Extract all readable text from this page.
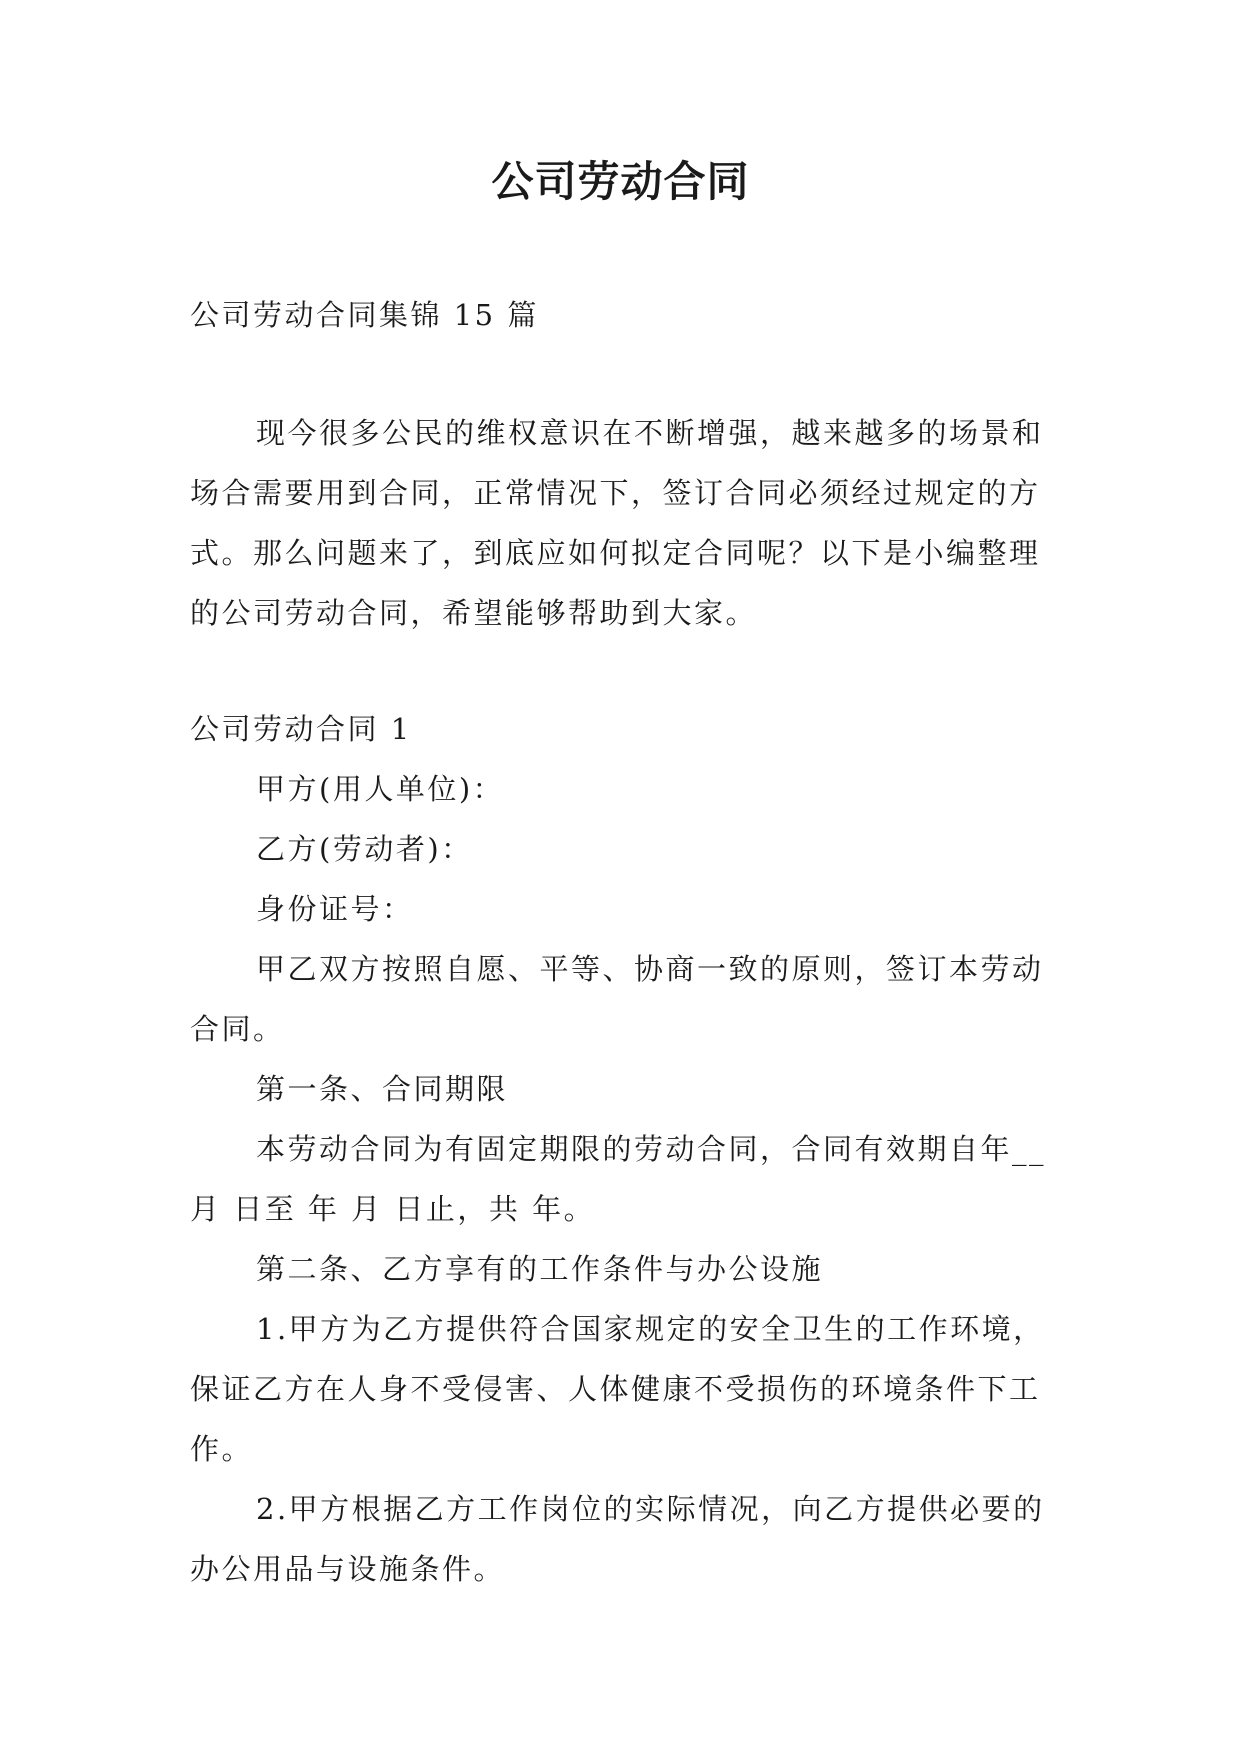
公司劳动合同

公司劳动合同集锦 15 篇

现今很多公民的维权意识在不断增强，越来越多的场景和场合需要用到合同，正常情况下，签订合同必须经过规定的方式。那么问题来了，到底应如何拟定合同呢？以下是小编整理的公司劳动合同，希望能够帮助到大家。

公司劳动合同 1

甲方(用人单位)：

乙方(劳动者)：

身份证号：

甲乙双方按照自愿、平等、协商一致的原则，签订本劳动合同。

第一条、合同期限

本劳动合同为有固定期限的劳动合同，合同有效期自年__月 日至 年 月 日止，共 年。

第二条、乙方享有的工作条件与办公设施

1.甲方为乙方提供符合国家规定的安全卫生的工作环境，保证乙方在人身不受侵害、人体健康不受损伤的环境条件下工作。

2.甲方根据乙方工作岗位的实际情况，向乙方提供必要的办公用品与设施条件。
